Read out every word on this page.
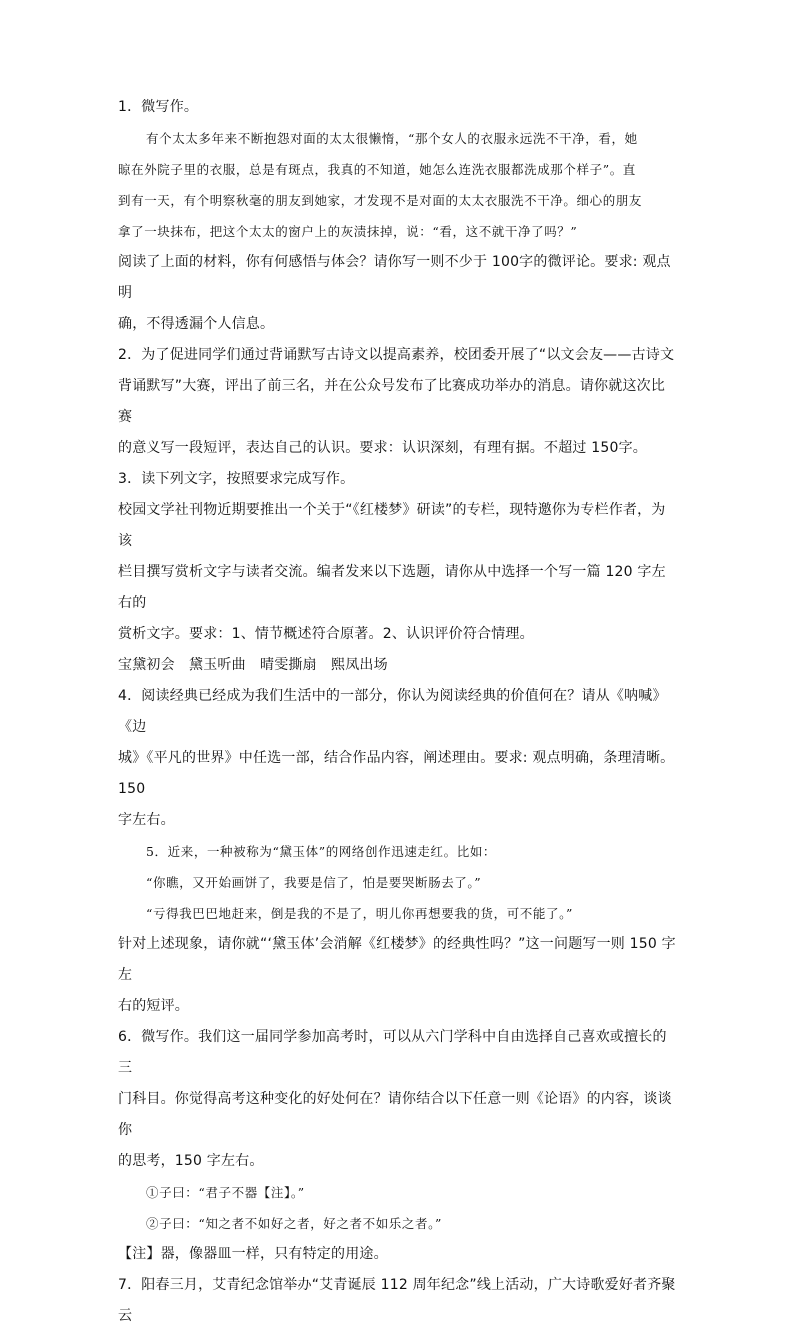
1．微写作。

有个太太多年来不断抱怨对面的太太很懒惰，“那个女人的衣服永远洗不干净，看，她
晾在外院子里的衣服，总是有斑点，我真的不知道，她怎么连洗衣服都洗成那个样子”。直
到有一天，有个明察秋毫的朋友到她家，才发现不是对面的太太衣服洗不干净。细心的朋友
拿了一块抹布，把这个太太的窗户上的灰渍抹掉，说：“看，这不就干净了吗？”

阅读了上面的材料，你有何感悟与体会？请你写一则不少于 100字的微评论。要求: 观点明
确，不得透漏个人信息。

2．为了促进同学们通过背诵默写古诗文以提高素养，校团委开展了“以文会友——古诗文
背诵默写”大赛，评出了前三名，并在公众号发布了比赛成功举办的消息。请你就这次比赛
的意义写一段短评，表达自己的认识。要求：认识深刻，有理有据。不超过 150字。

3．读下列文字，按照要求完成写作。

校园文学社刊物近期要推出一个关于“《红楼梦》研读”的专栏，现特邀你为专栏作者，为该
栏目撰写赏析文字与读者交流。编者发来以下选题，请你从中选择一个写一篇 120 字左右的
赏析文字。要求：1、情节概述符合原著。2、认识评价符合情理。

宝黛初会　黛玉听曲　晴雯撕扇　熙凤出场

4．阅读经典已经成为我们生活中的一部分，你认为阅读经典的价值何在？请从《呐喊》《边
城》《平凡的世界》中任选一部，结合作品内容，阐述理由。要求: 观点明确，条理清晰。150
字左右。

5．近来，一种被称为“黛玉体”的网络创作迅速走红。比如：

“你瞧，又开始画饼了，我要是信了，怕是要哭断肠去了。”

“亏得我巴巴地赶来，倒是我的不是了，明儿你再想要我的货，可不能了。”

针对上述现象，请你就“‘黛玉体’会消解《红楼梦》的经典性吗？”这一问题写一则 150 字左
右的短评。

6．微写作。我们这一届同学参加高考时，可以从六门学科中自由选择自己喜欢或擅长的三
门科目。你觉得高考这种变化的好处何在？请你结合以下任意一则《论语》的内容，谈谈你
的思考，150 字左右。

①子曰：“君子不器【注】。”

②子曰：“知之者不如好之者，好之者不如乐之者。”

【注】器，像器皿一样，只有特定的用途。

7．阳春三月，艾青纪念馆举办“艾青诞辰 112 周年纪念”线上活动，广大诗歌爱好者齐聚云
